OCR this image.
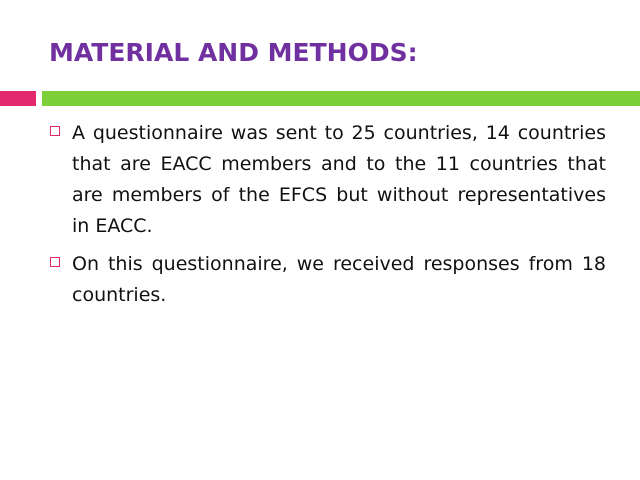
MATERIAL AND METHODS:
A questionnaire was sent to 25 countries, 14 countries that are EACC members and to the 11 countries that are members of the EFCS but without representatives in EACC.
On this questionnaire, we received responses from 18 countries.
